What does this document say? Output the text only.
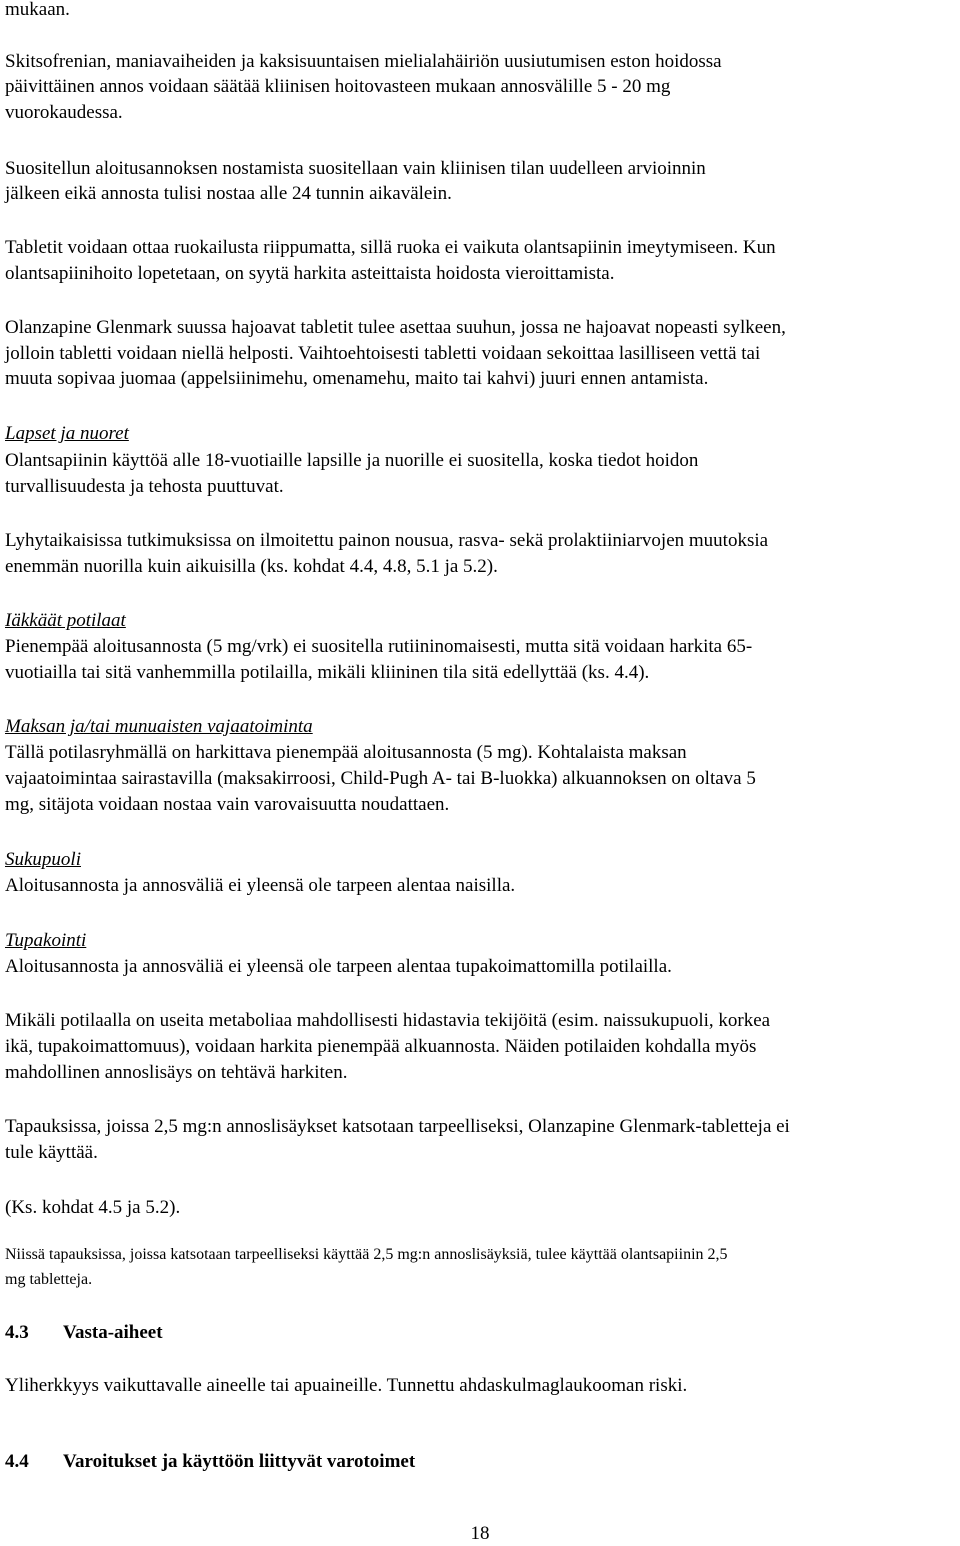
mukaan.
Skitsofrenian, maniavaiheiden ja kaksisuuntaisen mielialahäiriön uusiutumisen eston hoidossa
päivittäinen annos voidaan säätää kliinisen hoitovasteen mukaan annosvälille 5 - 20 mg
vuorokaudessa.
Suositellun aloitusannoksen nostamista suositellaan vain kliinisen tilan uudelleen arvioinnin
jälkeen eikä annosta tulisi nostaa alle 24 tunnin aikavälein.
Tabletit voidaan ottaa ruokailusta riippumatta, sillä ruoka ei vaikuta olantsapiinin imeytymiseen. Kun
olantsapiinihoito lopetetaan, on syytä harkita asteittaista hoidosta vieroittamista.
Olanzapine Glenmark suussa hajoavat tabletit tulee asettaa suuhun, jossa ne hajoavat nopeasti sylkeen,
jolloin tabletti voidaan niellä helposti. Vaihtoehtoisesti tabletti voidaan sekoittaa lasilliseen vettä tai
muuta sopivaa juomaa (appelsiinimehu, omenamehu, maito tai kahvi) juuri ennen antamista.
Lapset ja nuoret
Olantsapiinin käyttöä alle 18-vuotiaille lapsille ja nuorille ei suositella, koska tiedot hoidon
turvallisuudesta ja tehosta puuttuvat.
Lyhytaikaisissa tutkimuksissa on ilmoitettu painon nousua, rasva- sekä prolaktiiniarvojen muutoksia
enemmän nuorilla kuin aikuisilla (ks. kohdat 4.4, 4.8, 5.1 ja 5.2).
Iäkkäät potilaat
Pienempää aloitusannosta (5 mg/vrk) ei suositella rutiininomaisesti, mutta sitä voidaan harkita 65-
vuotiailla tai sitä vanhemmilla potilailla, mikäli kliininen tila sitä edellyttää (ks. 4.4).
Maksan ja/tai munuaisten vajaatoiminta
Tällä potilasryhmällä on harkittava pienempää aloitusannosta (5 mg). Kohtalaista maksan
vajaatoimintaa sairastavilla (maksakirroosi, Child-Pugh A- tai B-luokka) alkuannoksen on oltava 5
mg, sitäjota voidaan nostaa vain varovaisuutta noudattaen.
Sukupuoli
Aloitusannosta ja annosväliä ei yleensä ole tarpeen alentaa naisilla.
Tupakointi
Aloitusannosta ja annosväliä ei yleensä ole tarpeen alentaa tupakoimattomilla potilailla.
Mikäli potilaalla on useita metaboliaa mahdollisesti hidastavia tekijöitä (esim. naissukupuoli, korkea
ikä, tupakoimattomuus), voidaan harkita pienempää alkuannosta. Näiden potilaiden kohdalla myös
mahdollinen annoslisäys on tehtävä harkiten.
Tapauksissa, joissa 2,5 mg:n annoslisäykset katsotaan tarpeelliseksi, Olanzapine Glenmark-tabletteja ei
tule käyttää.
(Ks. kohdat 4.5 ja 5.2).
Niissä tapauksissa, joissa katsotaan tarpeelliseksi käyttää 2,5 mg:n annoslisäyksiä, tulee käyttää olantsapiinin 2,5
mg tabletteja.
4.3 Vasta-aiheet
Yliherkkyys vaikuttavalle aineelle tai apuaineille. Tunnettu ahdaskulmaglaukooman riski.
4.4 Varoitukset ja käyttöön liittyvät varotoimet
18
